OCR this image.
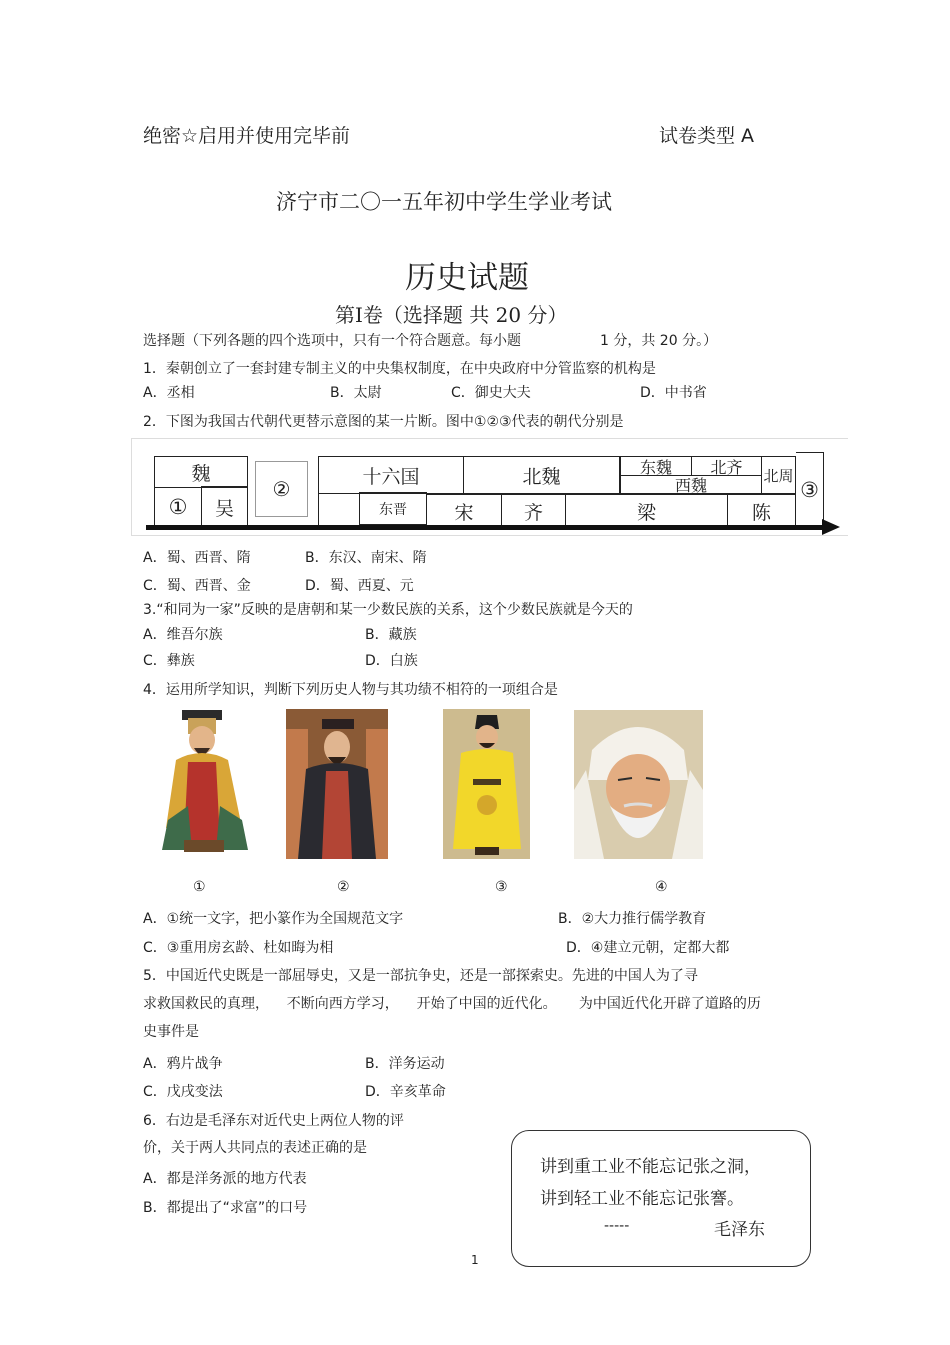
绝密☆启用并使用完毕前	试卷类型 A
济宁市二〇一五年初中学生学业考试
历史试题
第Ⅰ卷（选择题 共 20 分）
选择题（下列各题的四个选项中，只有一个符合题意。每小题	1 分，共 20 分。）
1．秦朝创立了一套封建专制主义的中央集权制度，在中央政府中分管监察的机构是
A．丞相	B．太尉	C．御史大夫	D．中书省
2．下图为我国古代朝代更替示意图的某一片断。图中①②③代表的朝代分别是
魏
①	吴
②
十六国
东晋
北魏	东魏	北齐
西魏	北周
宋	齐	梁	陈
③
A．蜀、西晋、隋	B．东汉、南宋、隋
C．蜀、西晋、金	D．蜀、西夏、元
3.“和同为一家”反映的是唐朝和某一少数民族的关系，这个少数民族就是今天的
A．维吾尔族	B．藏族
C．彝族	D．白族
4．运用所学知识，判断下列历史人物与其功绩不相符的一项组合是
①	②	③	④
A．①统一文字，把小篆作为全国规范文字	B．②大力推行儒学教育
C．③重用房玄龄、杜如晦为相	D．④建立元朝，定都大都
5．中国近代史既是一部屈辱史，又是一部抗争史，还是一部探索史。先进的中国人为了寻
求救国救民的真理，    不断向西方学习，    开始了中国的近代化。     为中国近代化开辟了道路的历
史事件是
A．鸦片战争	B．洋务运动
C．戊戌变法	D．辛亥革命
6．右边是毛泽东对近代史上两位人物的评
价，关于两人共同点的表述正确的是
A．都是洋务派的地方代表
B．都提出了“求富”的口号
讲到重工业不能忘记张之洞，
讲到轻工业不能忘记张謇。
-----	毛泽东
1
